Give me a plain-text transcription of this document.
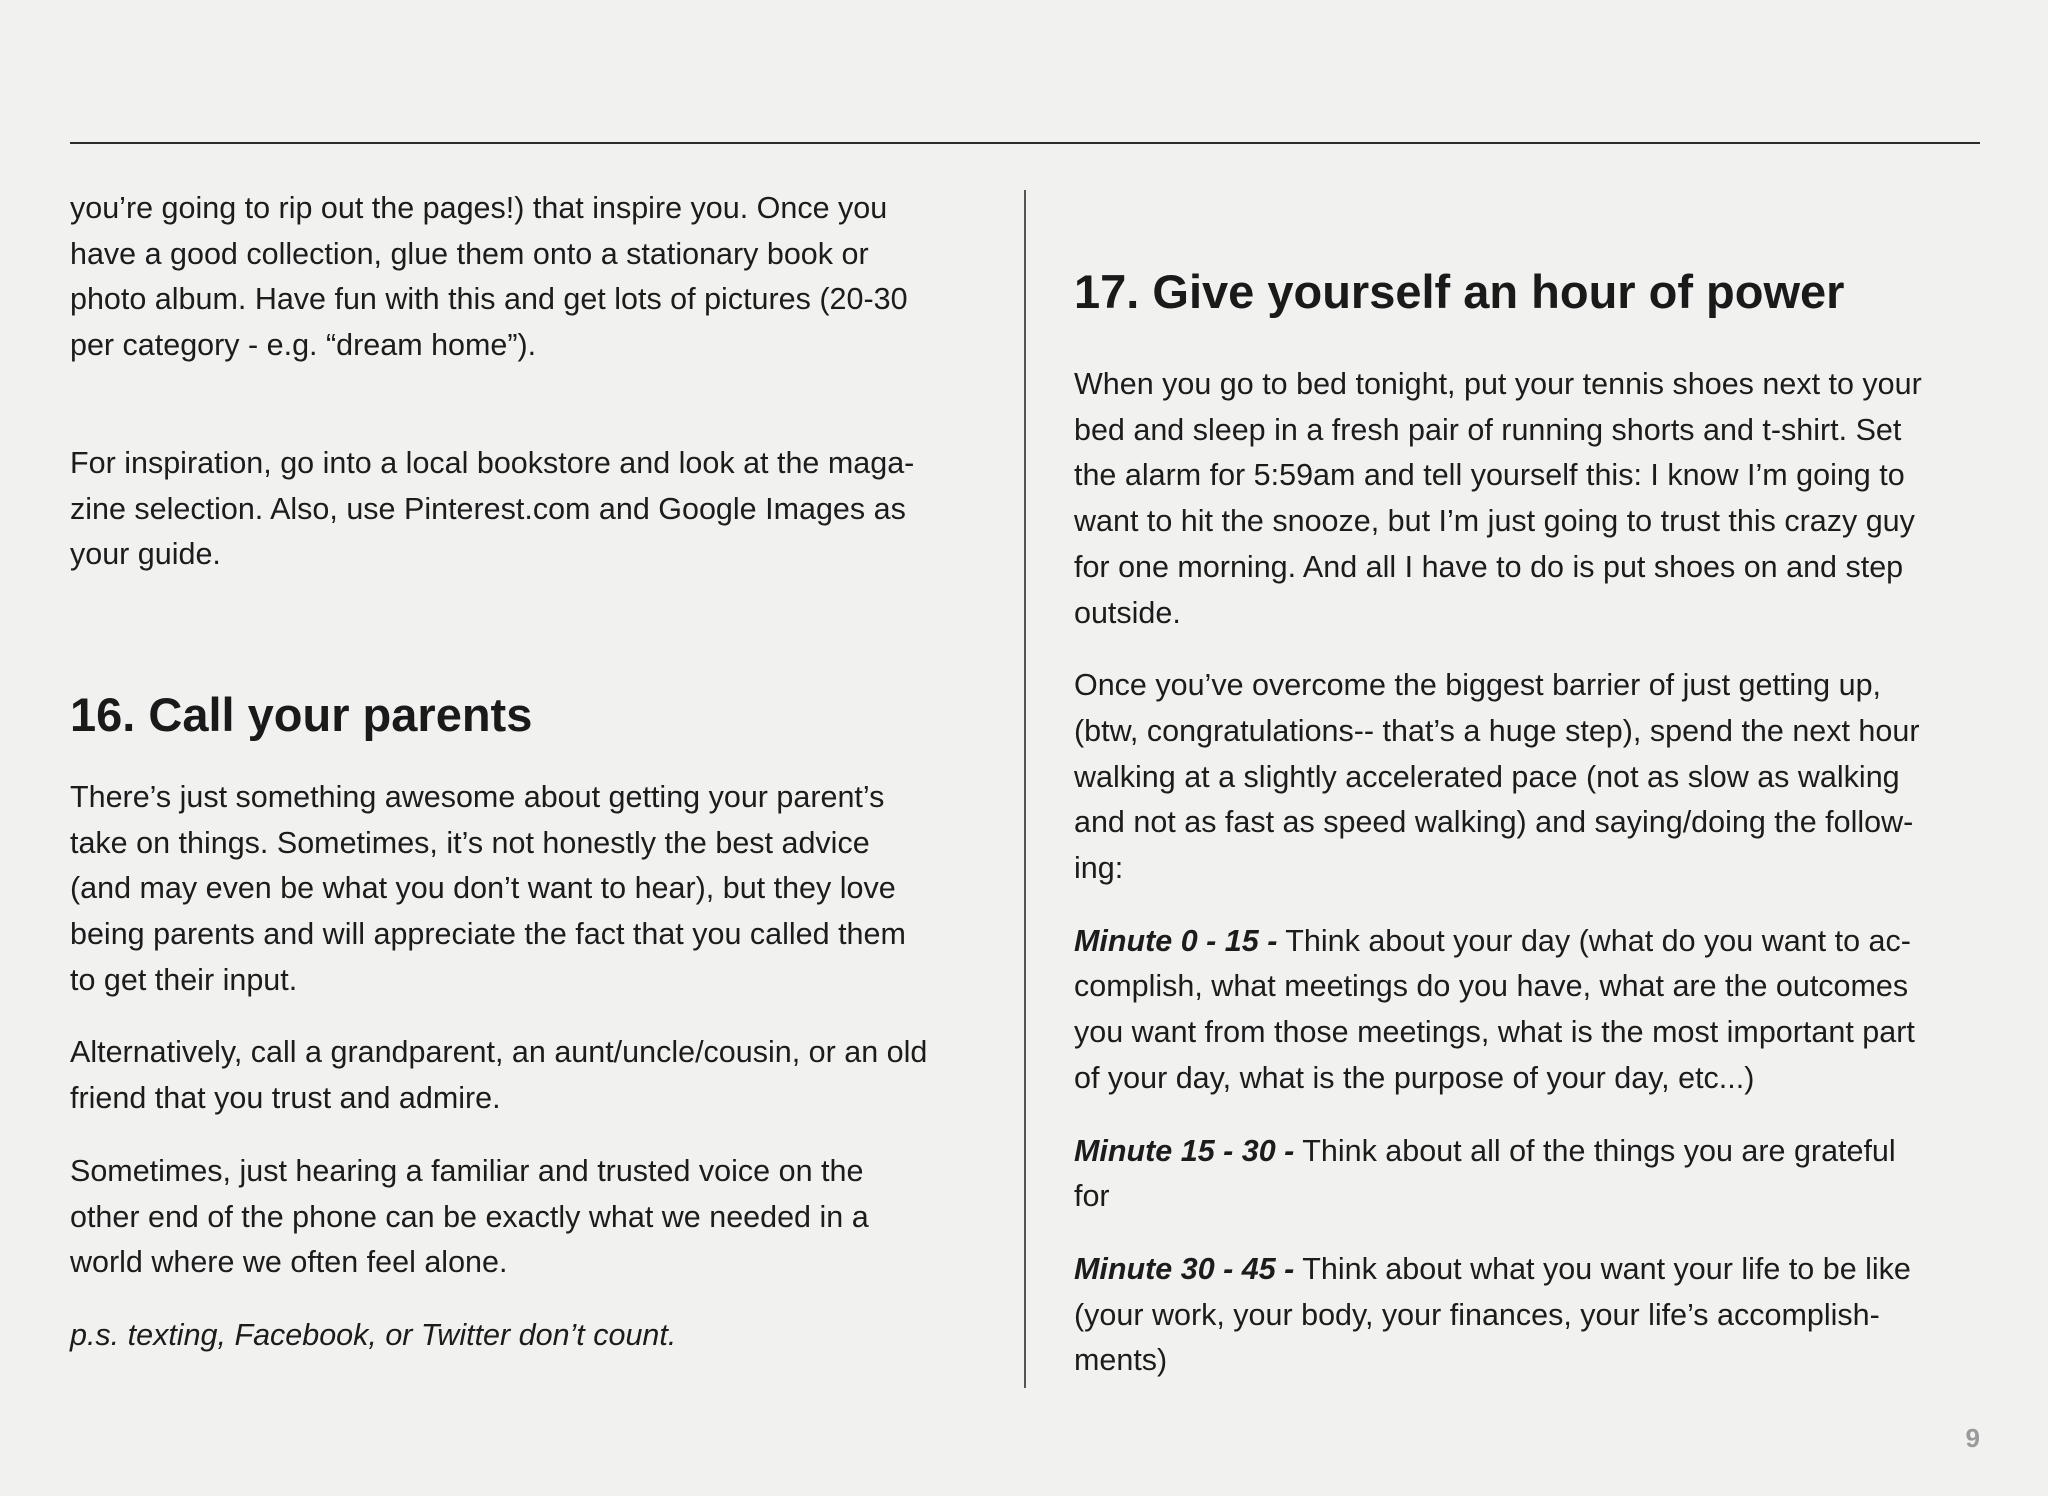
you’re going to rip out the pages!) that inspire you. Once you
have a good collection, glue them onto a stationary book or
photo album. Have fun with this and get lots of pictures (20-30
per category - e.g. “dream home”).

For inspiration, go into a local bookstore and look at the maga-
zine selection. Also, use Pinterest.com and Google Images as
your guide.

16. Call your parents

There’s just something awesome about getting your parent’s
take on things. Sometimes, it’s not honestly the best advice
(and may even be what you don’t want to hear), but they love
being parents and will appreciate the fact that you called them
to get their input.

Alternatively, call a grandparent, an aunt/uncle/cousin, or an old
friend that you trust and admire.

Sometimes, just hearing a familiar and trusted voice on the
other end of the phone can be exactly what we needed in a
world where we often feel alone.

p.s. texting, Facebook, or Twitter don’t count.

17. Give yourself an hour of power

When you go to bed tonight, put your tennis shoes next to your
bed and sleep in a fresh pair of running shorts and t-shirt. Set
the alarm for 5:59am and tell yourself this: I know I’m going to
want to hit the snooze, but I’m just going to trust this crazy guy
for one morning. And all I have to do is put shoes on and step
outside.

Once you’ve overcome the biggest barrier of just getting up,
(btw, congratulations-- that’s a huge step), spend the next hour
walking at a slightly accelerated pace (not as slow as walking
and not as fast as speed walking) and saying/doing the follow-
ing:

Minute 0 - 15 - Think about your day (what do you want to ac-
complish, what meetings do you have, what are the outcomes
you want from those meetings, what is the most important part
of your day, what is the purpose of your day, etc...)

Minute 15 - 30 - Think about all of the things you are grateful
for

Minute 30 - 45 - Think about what you want your life to be like
(your work, your body, your finances, your life’s accomplish-
ments)

9
